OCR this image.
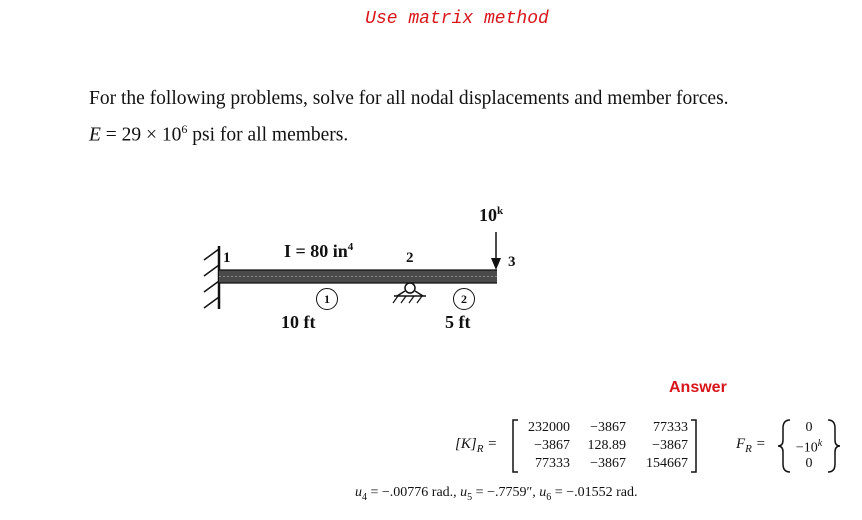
Use matrix method
For the following problems, solve for all nodal displacements and member forces.
$E = 29 \times 10^6$ psi for all members.
1	I = 80 $in^4$
2	3
10$^k$
1	2
10 ft	5 ft
Answer
$[K]_R$ =
232000	−3867	77333
−3867	128.89	−3867
77333	−3867	154667
$F_R$ =
0
$-10^k$
0
$u_4 = -.00776$ rad., $u_5 = -.7759''$, $u_6 = -.01552$ rad.
